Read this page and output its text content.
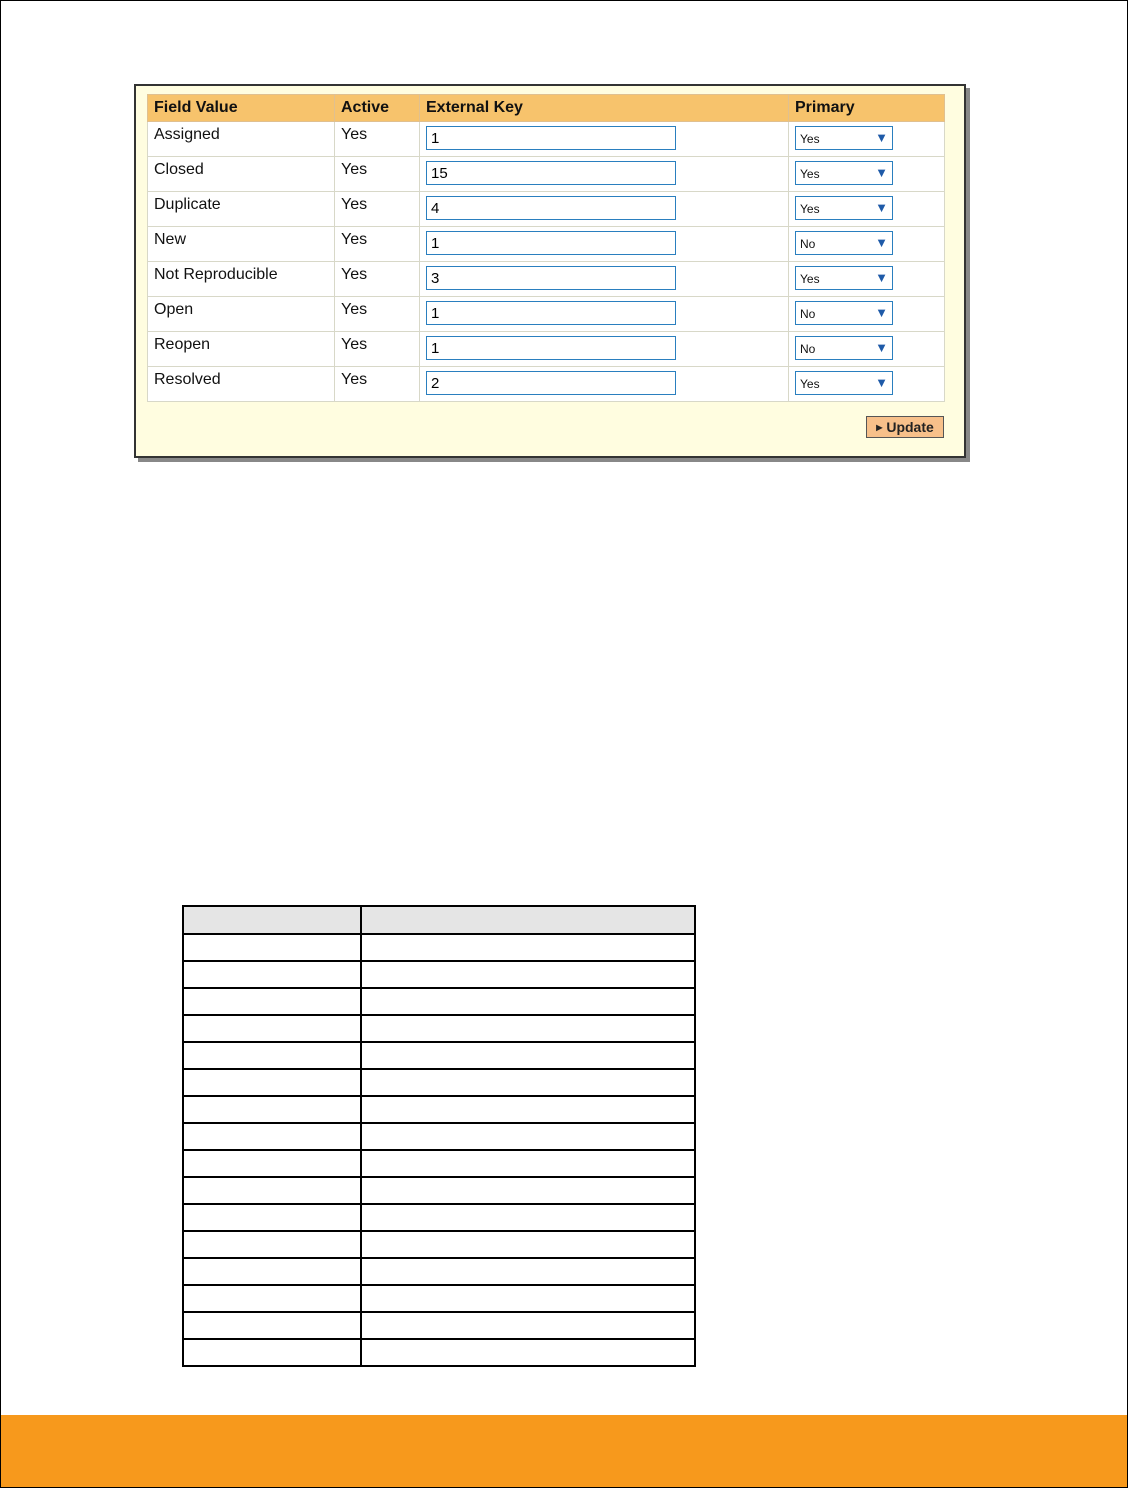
Field Value	Active	External Key	Primary
Assigned	Yes	1	Yes ▼

Closed	Yes	15	Yes ▼

Duplicate	Yes	4	Yes ▼

New	Yes	1	No ▼

Not Reproducible	Yes	3	Yes ▼

Open	Yes	1	No ▼

Reopen	Yes	1	No ▼

Resolved	Yes	2	Yes ▼
▶ Update
